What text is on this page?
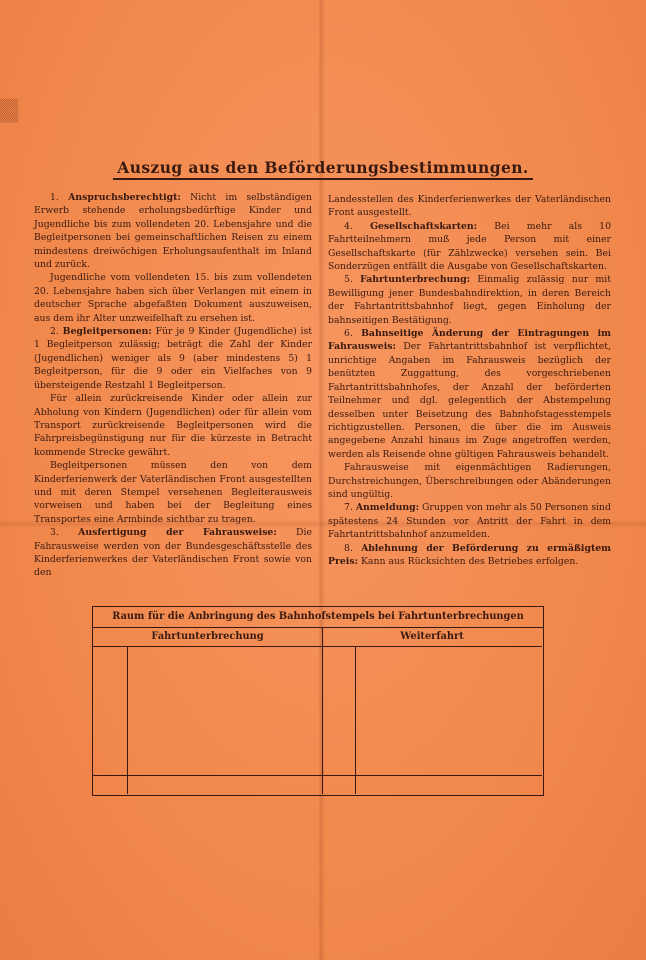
▒▒▒
▒▒▒
Auszug aus den Beförderungsbestimmungen.

1. Anspruchsberechtigt: Nicht im selbständigen Erwerb stehende erholungsbedürftige Kinder und Jugendliche bis zum vollendeten 20. Lebensjahre und die Begleitpersonen bei gemeinschaftlichen Reisen zu einem mindestens dreiwöchigen Erholungsaufenthalt im Inland und zurück.

Jugendliche vom vollendeten 15. bis zum vollendeten 20. Lebensjahre haben sich über Verlangen mit einem in deutscher Sprache abgefaßten Dokument auszuweisen, aus dem ihr Alter unzweifelhaft zu ersehen ist.

2. Begleitpersonen: Für je 9 Kinder (Jugendliche) ist 1 Begleitperson zulässig; beträgt die Zahl der Kinder (Jugendlichen) weniger als 9 (aber mindestens 5) 1 Begleitperson, für die 9 oder ein Vielfaches von 9 übersteigende Restzahl 1 Begleitperson.

Für allein zurückreisende Kinder oder allein zur Abholung von Kindern (Jugendlichen) oder für allein vom Transport zurückreisende Begleitpersonen wird die Fahrpreisbegünstigung nur für die kürzeste in Betracht kommende Strecke gewährt.

Begleitpersonen müssen den von dem Kinderferienwerk der Vaterländischen Front ausgestellten und mit deren Stempel versehenen Begleiterausweis vorweisen und haben bei der Begleitung eines Transportes eine Armbinde sichtbar zu tragen.

3. Ausfertigung der Fahrausweise: Die Fahrausweise werden von der Bundesgeschäftsstelle des Kinderferienwerkes der Vaterländischen Front sowie von den

Landesstellen des Kinderferienwerkes der Vaterländischen Front ausgestellt.

4. Gesellschaftskarten: Bei mehr als 10 Fahrtteilnehmern muß jede Person mit einer Gesellschaftskarte (für Zählzwecke) versehen sein. Bei Sonderzügen entfällt die Ausgabe von Gesellschaftskarten.

5. Fahrtunterbrechung: Einmalig zulässig nur mit Bewilligung jener Bundesbahndirektion, in deren Bereich der Fahrtantrittsbahnhof liegt, gegen Einholung der bahnseitigen Bestätigung.

6. Bahnseitige Änderung der Eintragungen im Fahrausweis: Der Fahrtantrittsbahnhof ist verpflichtet, unrichtige Angaben im Fahrausweis bezüglich der benützten Zuggattung, des vorgeschriebenen Fahrtantrittsbahnhofes, der Anzahl der beförderten Teilnehmer und dgl. gelegentlich der Abstempelung desselben unter Beisetzung des Bahnhofstagesstempels richtigzustellen. Personen, die über die im Ausweis angegebene Anzahl hinaus im Zuge angetroffen werden, werden als Reisende ohne gültigen Fahrausweis behandelt.

Fahrausweise mit eigenmächtigen Radierungen, Durchstreichungen, Überschreibungen oder Abänderungen sind ungültig.

7. Anmeldung: Gruppen von mehr als 50 Personen sind spätestens 24 Stunden vor Antritt der Fahrt in dem Fahrtantrittsbahnhof anzumelden.

8. Ablehnung der Beförderung zu ermäßigtem Preis: Kann aus Rücksichten des Betriebes erfolgen.

Raum für die Anbringung des Bahnhofstempels bei Fahrtunterbrechungen
Fahrtunterbrechung	Weiterfahrt
